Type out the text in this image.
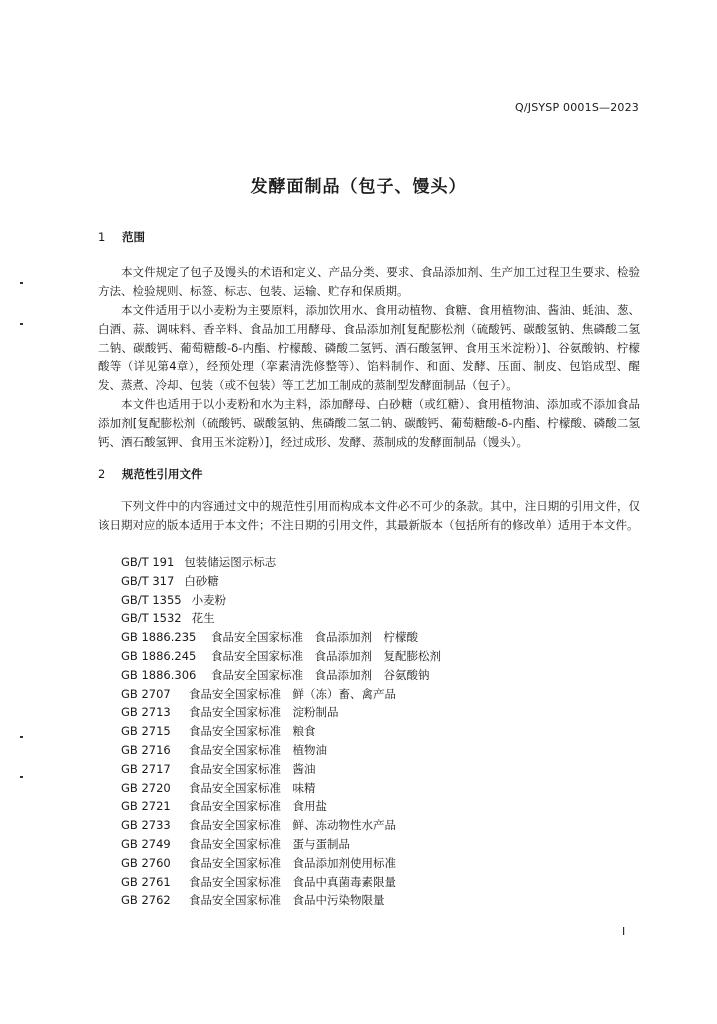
Q/JSYSP 0001S—2023
发酵面制品（包子、馒头）
1 范围

本文件规定了包子及馒头的术语和定义、产品分类、要求、食品添加剂、生产加工过程卫生要求、检验方法、检验规则、标签、标志、包装、运输、贮存和保质期。

本文件适用于以小麦粉为主要原料，添加饮用水、食用动植物、食糖、食用植物油、酱油、蚝油、葱、白酒、蒜、调味料、香辛料、食品加工用酵母、食品添加剂[复配膨松剂（硫酸钙、碳酸氢钠、焦磷酸二氢二钠、碳酸钙、葡萄糖酸-δ-内酯、柠檬酸、磷酸二氢钙、酒石酸氢钾、食用玉米淀粉）]、谷氨酸钠、柠檬酸等（详见第4章），经预处理（挛素清洗修整等）、馅料制作、和面、发酵、压面、制皮、包馅成型、醒发、蒸煮、冷却、包装（或不包装）等工艺加工制成的蒸制型发酵面制品（包子）。

本文件也适用于以小麦粉和水为主料，添加酵母、白砂糖（或红糖）、食用植物油、添加或不添加食品添加剂[复配膨松剂（硫酸钙、碳酸氢钠、焦磷酸二氢二钠、碳酸钙、葡萄糖酸-δ-内酯、柠檬酸、磷酸二氢钙、酒石酸氢钾、食用玉米淀粉）]，经过成形、发酵、蒸制成的发酵面制品（馒头）。

2 规范性引用文件

下列文件中的内容通过文中的规范性引用而构成本文件必不可少的条款。其中，注日期的引用文件，仅该日期对应的版本适用于本文件；不注日期的引用文件，其最新版本（包括所有的修改单）适用于本文件。

GB/T 191 包装储运图示标志
GB/T 317 白砂糖
GB/T 1355 小麦粉
GB/T 1532 花生
GB 1886.235 食品安全国家标准　食品添加剂　柠檬酸
GB 1886.245 食品安全国家标准　食品添加剂　复配膨松剂
GB 1886.306 食品安全国家标准　食品添加剂　谷氨酸钠
GB 2707 食品安全国家标准　鲜（冻）畜、禽产品
GB 2713 食品安全国家标准　淀粉制品
GB 2715 食品安全国家标准　粮食
GB 2716 食品安全国家标准　植物油
GB 2717 食品安全国家标准　酱油
GB 2720 食品安全国家标准　味精
GB 2721 食品安全国家标准　食用盐
GB 2733 食品安全国家标准　鲜、冻动物性水产品
GB 2749 食品安全国家标准　蛋与蛋制品
GB 2760 食品安全国家标准　食品添加剂使用标准
GB 2761 食品安全国家标准　食品中真菌毒素限量
GB 2762 食品安全国家标准　食品中污染物限量
I
